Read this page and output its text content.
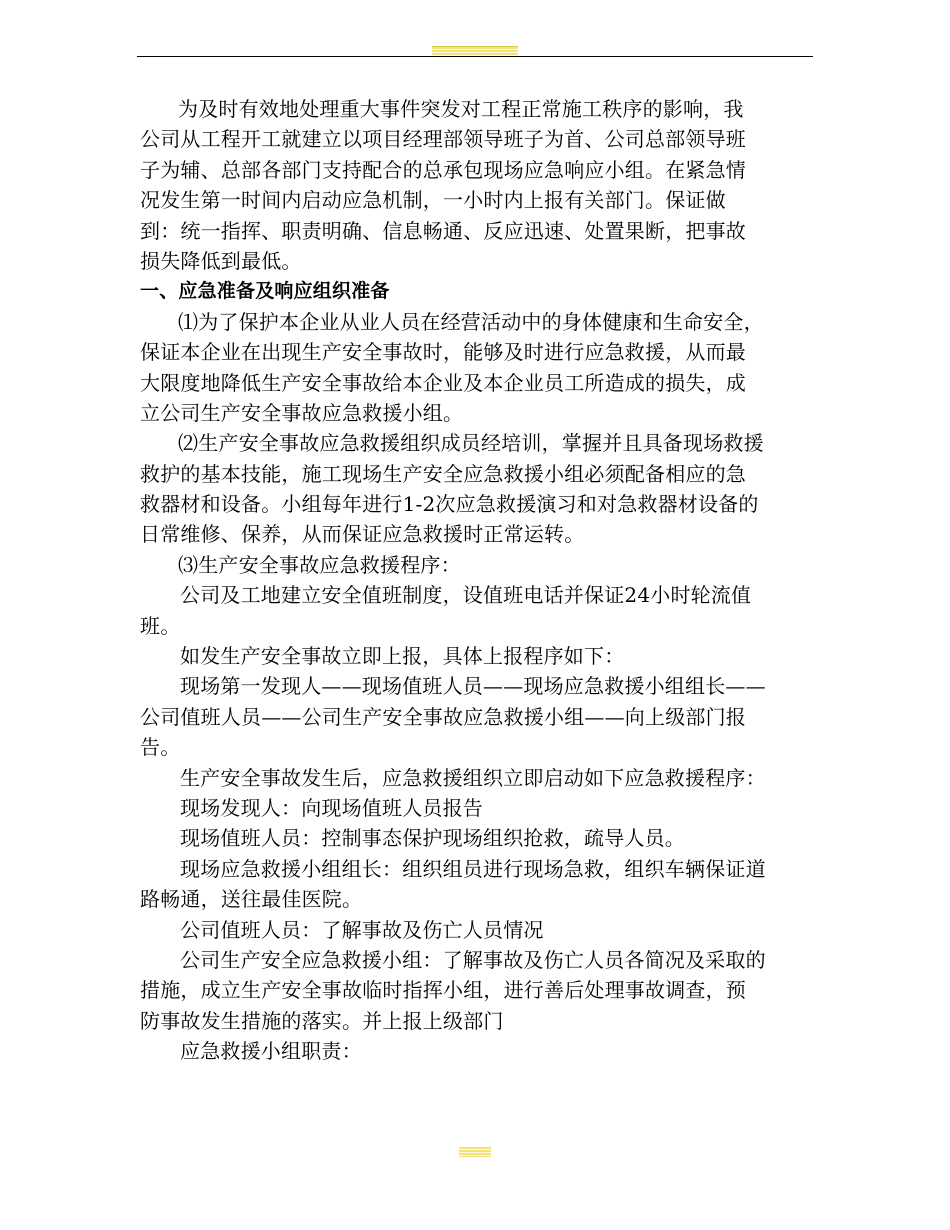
为及时有效地处理重大事件突发对工程正常施工秩序的影响，我
公司从工程开工就建立以项目经理部领导班子为首、公司总部领导班
子为辅、总部各部门支持配合的总承包现场应急响应小组。在紧急情
况发生第一时间内启动应急机制，一小时内上报有关部门。保证做
到：统一指挥、职责明确、信息畅通、反应迅速、处置果断，把事故
损失降低到最低。
一、应急准备及响应组织准备
⑴为了保护本企业从业人员在经营活动中的身体健康和生命安全，
保证本企业在出现生产安全事故时，能够及时进行应急救援，从而最
大限度地降低生产安全事故给本企业及本企业员工所造成的损失，成
立公司生产安全事故应急救援小组。
⑵生产安全事故应急救援组织成员经培训，掌握并且具备现场救援
救护的基本技能，施工现场生产安全应急救援小组必须配备相应的急
救器材和设备。小组每年进行1-2次应急救援演习和对急救器材设备的
日常维修、保养，从而保证应急救援时正常运转。
⑶生产安全事故应急救援程序：
公司及工地建立安全值班制度，设值班电话并保证24小时轮流值
班。
如发生产安全事故立即上报，具体上报程序如下：
现场第一发现人——现场值班人员——现场应急救援小组组长——
公司值班人员——公司生产安全事故应急救援小组——向上级部门报
告。
生产安全事故发生后，应急救援组织立即启动如下应急救援程序：
现场发现人：向现场值班人员报告
现场值班人员：控制事态保护现场组织抢救，疏导人员。
现场应急救援小组组长：组织组员进行现场急救，组织车辆保证道
路畅通，送往最佳医院。
公司值班人员：了解事故及伤亡人员情况
公司生产安全应急救援小组：了解事故及伤亡人员各简况及采取的
措施，成立生产安全事故临时指挥小组，进行善后处理事故调查，预
防事故发生措施的落实。并上报上级部门
应急救援小组职责：
